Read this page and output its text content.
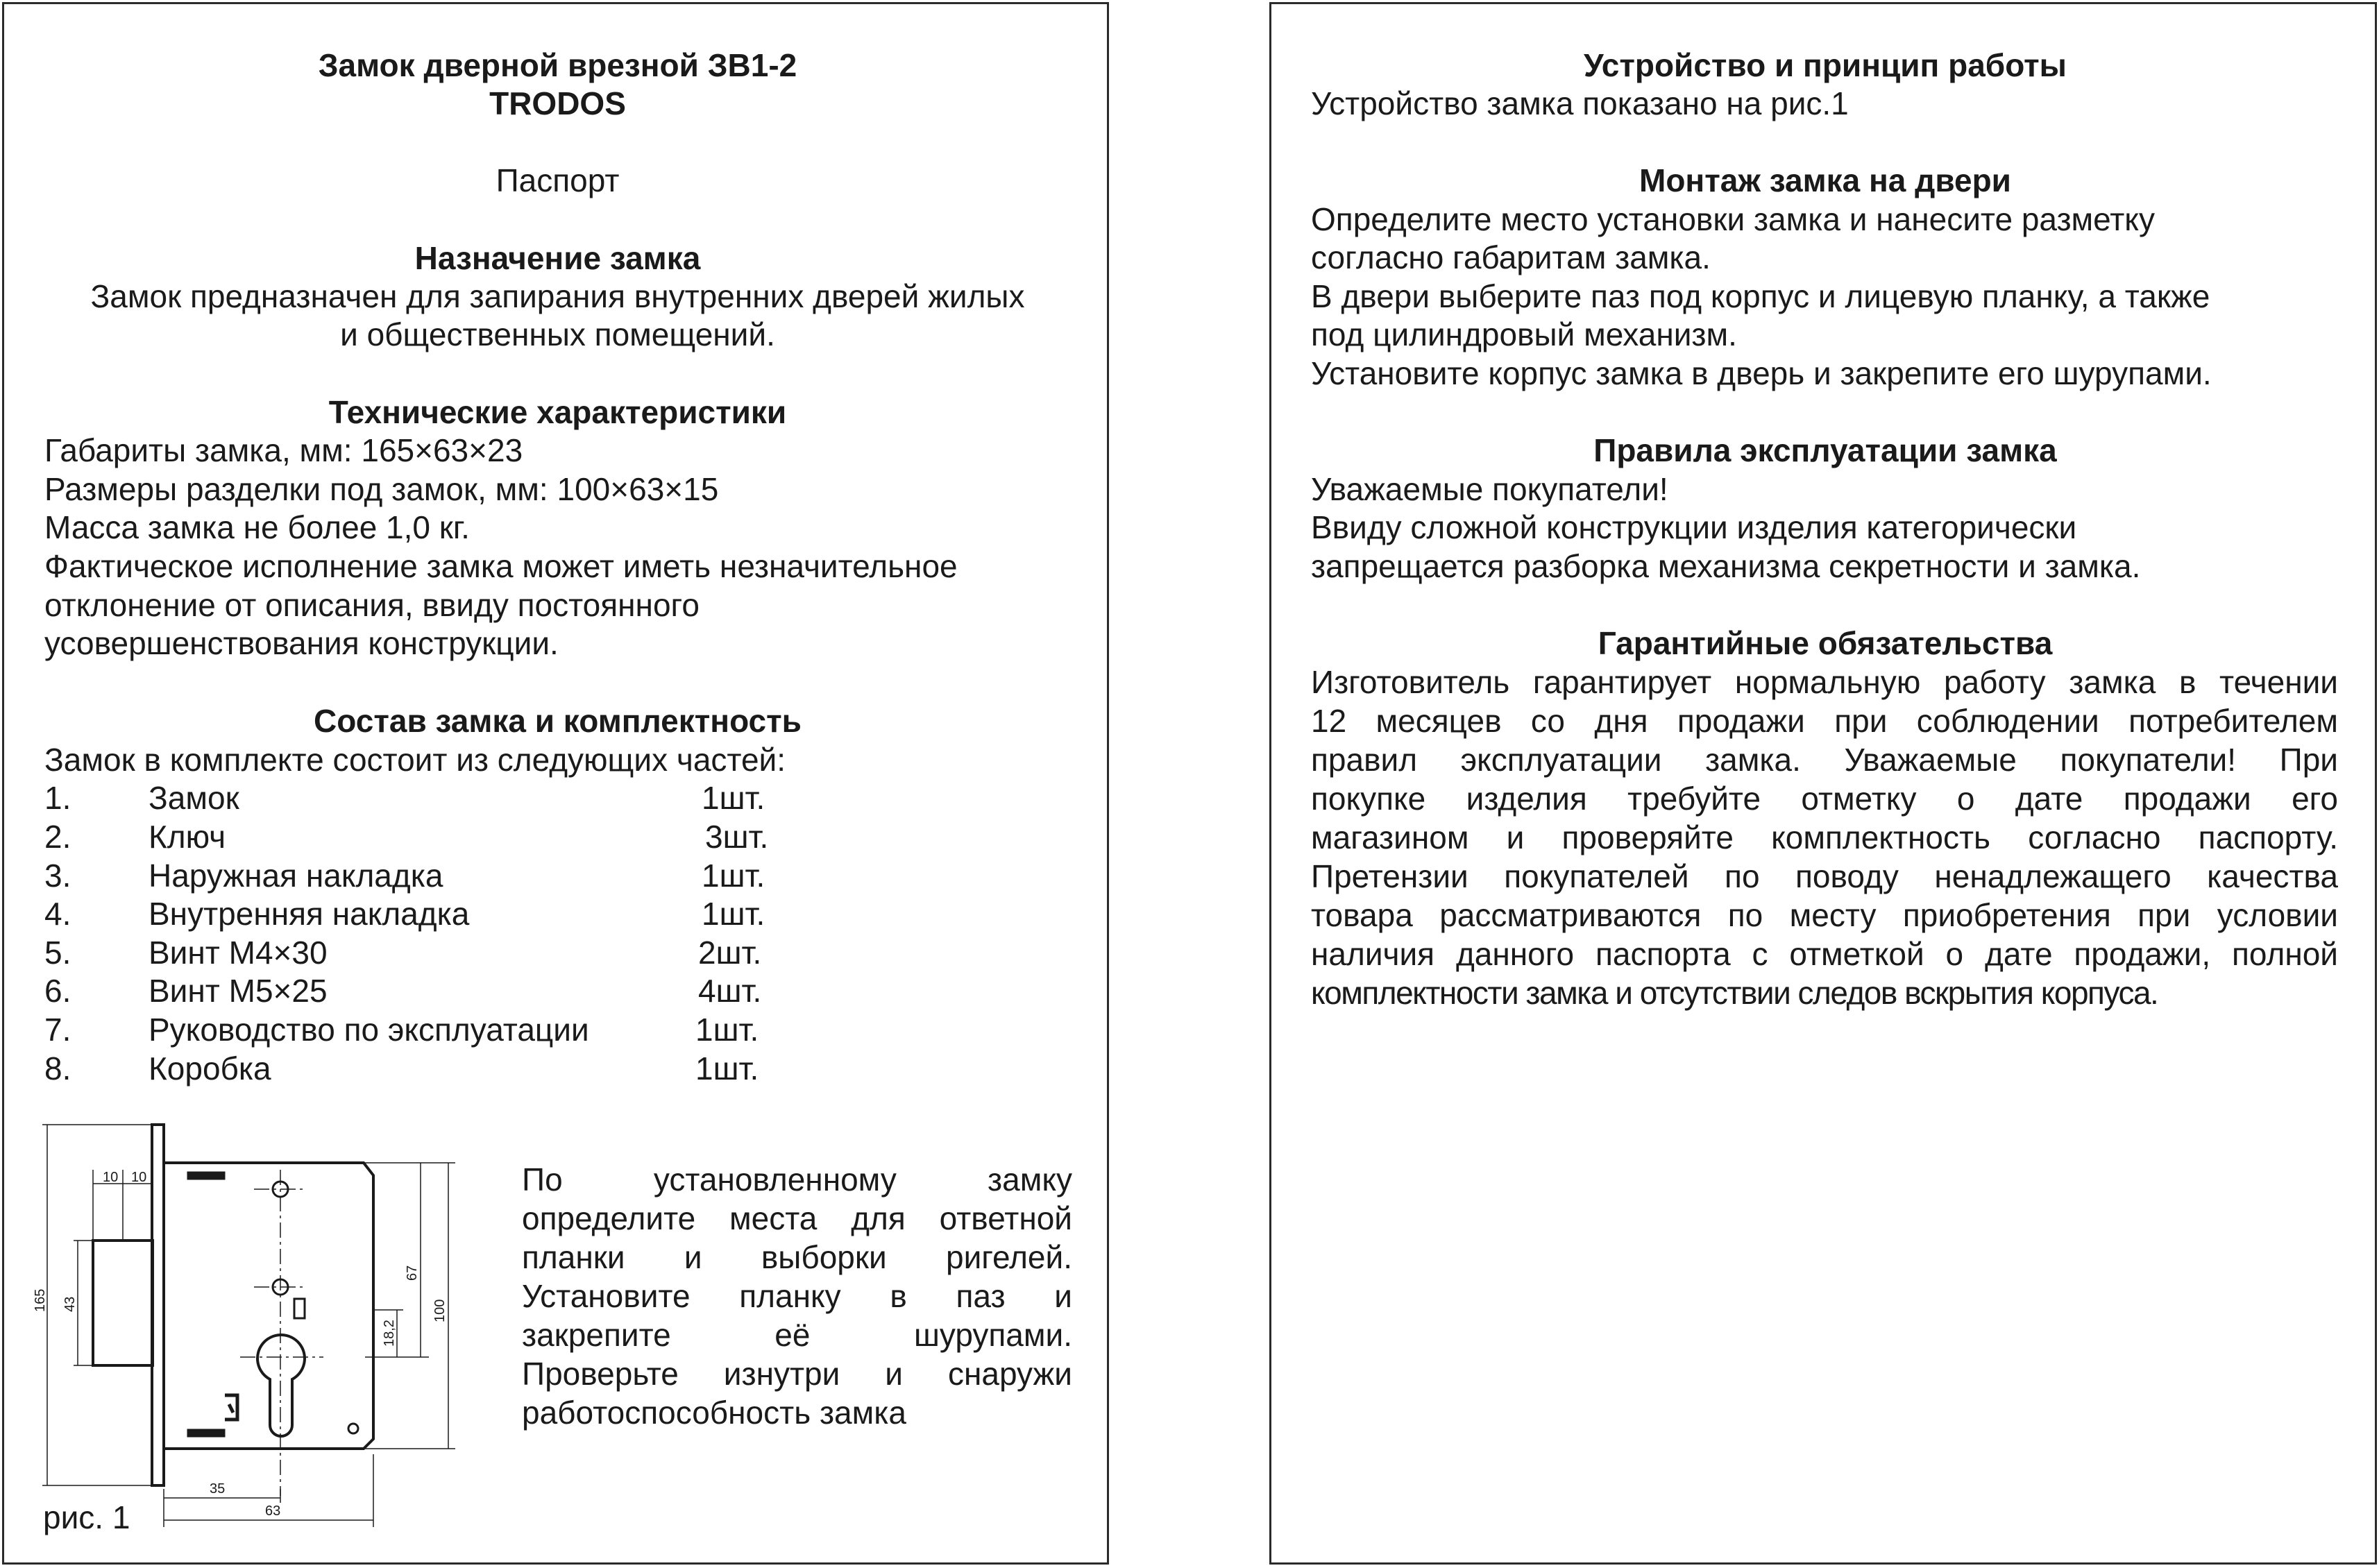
Замок дверной врезной ЗВ1-2
TRODOS
Паспорт
Назначение замка
Замок предназначен для запирания внутренних дверей жилых
и общественных помещений.
Технические характеристики
Габариты замка, мм: 165×63×23
Размеры разделки под замок, мм: 100×63×15
Масса замка не более 1,0 кг.
Фактическое исполнение замка может иметь незначительное
отклонение от описания, ввиду постоянного
усовершенствования конструкции.
Состав замка и комплектность
Замок в комплекте состоит из следующих частей:
1. Замок	1шт.
2. Ключ	3шт.
3. Наружная накладка	1шт.
4. Внутренняя накладка	1шт.
5. Винт М4×30	2шт.
6. Винт М5×25	4шт.
7. Руководство по эксплуатации	1шт.
8. Коробка	1шт.
По установленному замку
определите места для ответной
планки и выборки ригелей.
Установите планку в паз и
закрепите её шурупами.
Проверьте изнутри и снаружи
работоспособность замка
10 10
165 43
67
100
18,2
35
63
рис. 1
Устройство и принцип работы
Устройство замка показано на рис.1
Монтаж замка на двери
Определите место установки замка и нанесите разметку
согласно габаритам замка.
В двери выберите паз под корпус и лицевую планку, а также
под цилиндровый механизм.
Установите корпус замка в дверь и закрепите его шурупами.
Правила эксплуатации замка
Уважаемые покупатели!
Ввиду сложной конструкции изделия категорически
запрещается разборка механизма секретности и замка.
Гарантийные обязательства
Изготовитель гарантирует нормальную работу замка в течении
12 месяцев со дня продажи при соблюдении потребителем
правил эксплуатации замка. Уважаемые покупатели! При
покупке изделия требуйте отметку о дате продажи его
магазином и проверяйте комплектность согласно паспорту.
Претензии покупателей по поводу ненадлежащего качества
товара рассматриваются по месту приобретения при условии
наличия данного паспорта с отметкой о дате продажи, полной
комплектности замка и отсутствии следов вскрытия корпуса.
